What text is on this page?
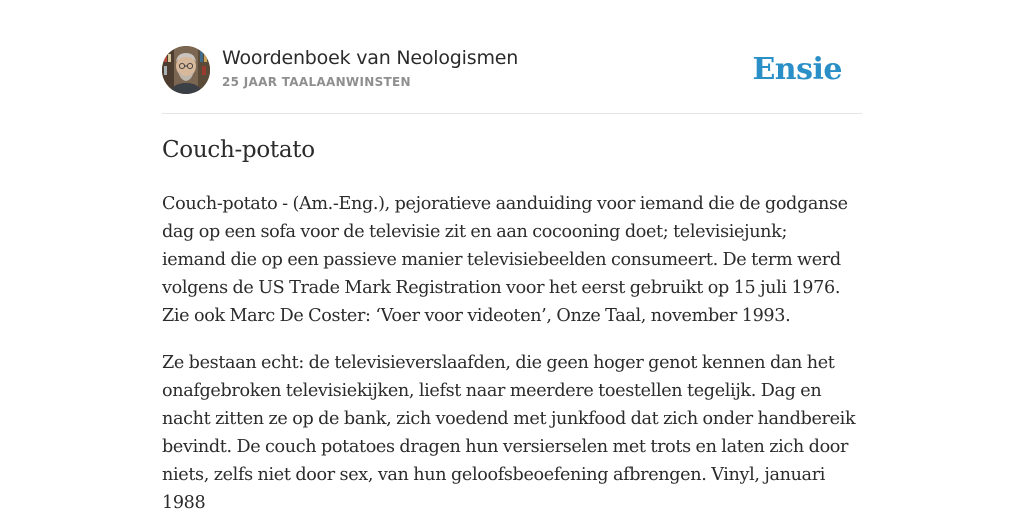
Woordenboek van Neologismen
25 JAAR TAALAANWINSTEN	Ensie
Couch-potato
Couch-potato - (Am.-Eng.), pejoratieve aanduiding voor iemand die de godganse
dag op een sofa voor de televisie zit en aan cocooning doet; televisiejunk;
iemand die op een passieve manier televisiebeelden consumeert. De term werd
volgens de US Trade Mark Registration voor het eerst gebruikt op 15 juli 1976.
Zie ook Marc De Coster: ‘Voer voor videoten’, Onze Taal, november 1993.
Ze bestaan echt: de televisieverslaafden, die geen hoger genot kennen dan het
onafgebroken televisiekijken, liefst naar meerdere toestellen tegelijk. Dag en
nacht zitten ze op de bank, zich voedend met junkfood dat zich onder handbereik
bevindt. De couch potatoes dragen hun versierselen met trots en laten zich door
niets, zelfs niet door sex, van hun geloofsbeoefening afbrengen. Vinyl, januari
1988
